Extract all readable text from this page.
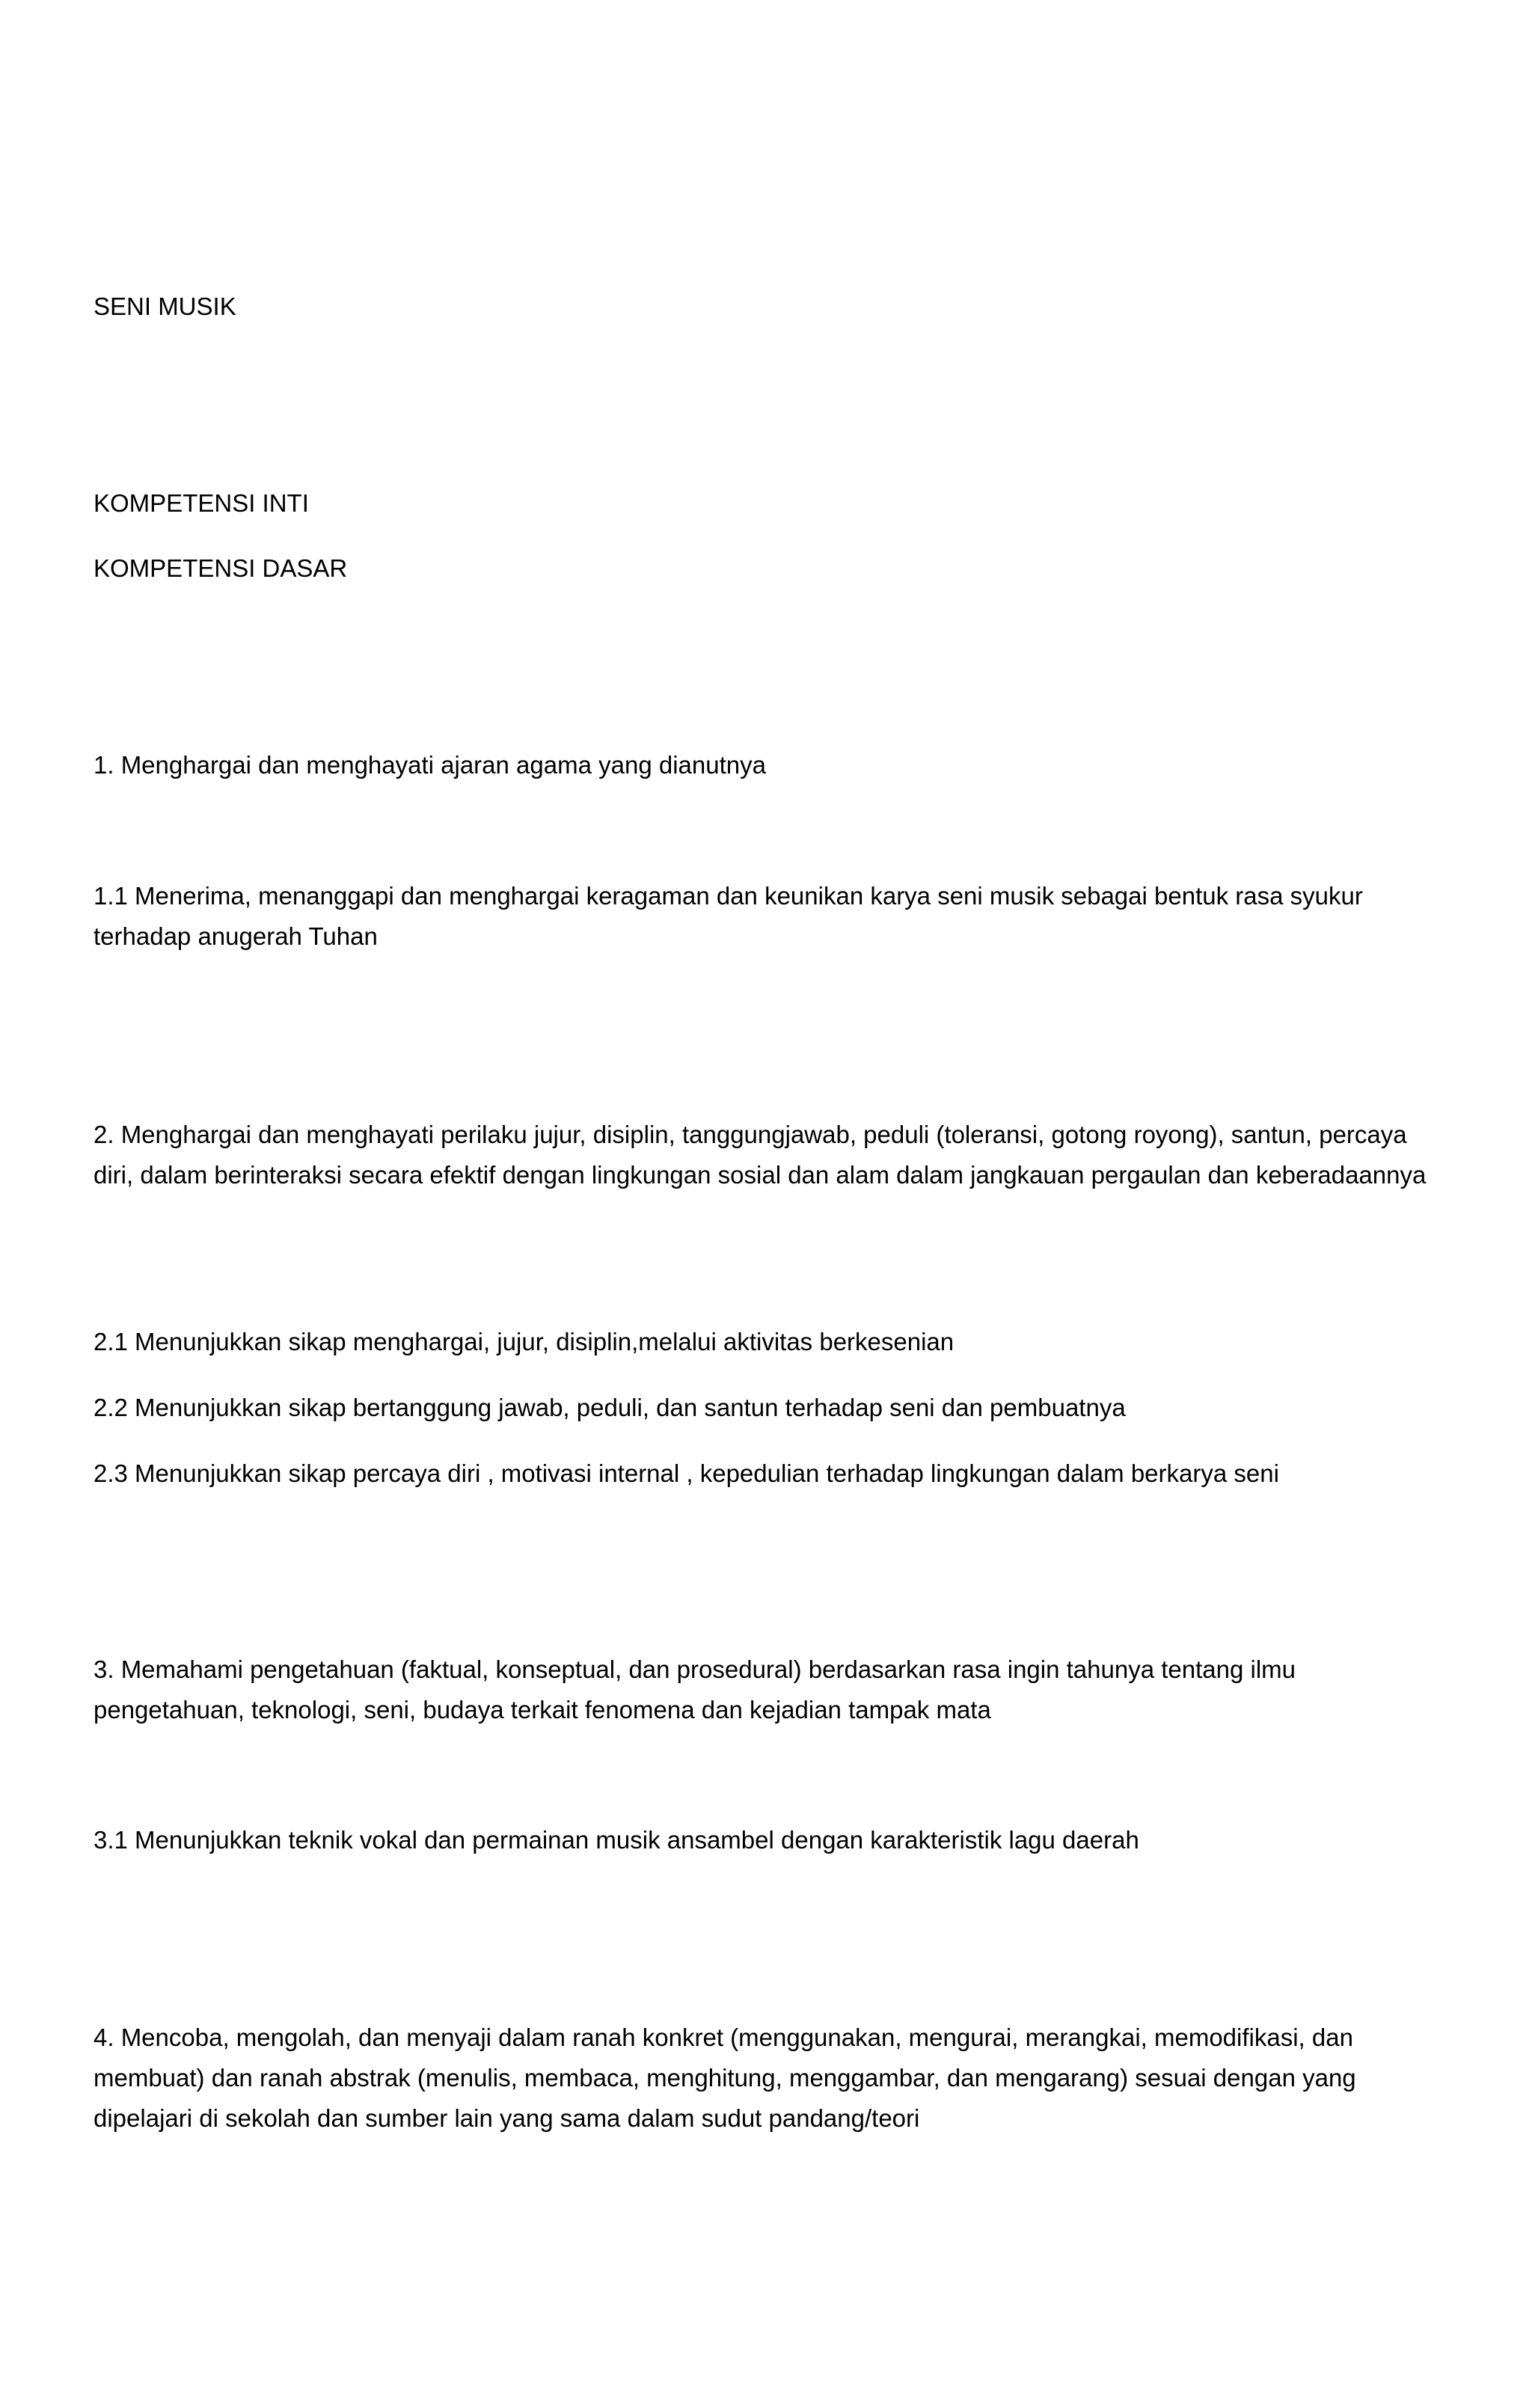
SENI MUSIK

KOMPETENSI INTI

KOMPETENSI DASAR

1. Menghargai dan menghayati ajaran agama yang dianutnya

1.1 Menerima, menanggapi dan menghargai keragaman dan keunikan karya seni musik sebagai bentuk rasa syukur terhadap anugerah Tuhan

2. Menghargai dan menghayati perilaku jujur, disiplin, tanggungjawab, peduli (toleransi, gotong royong), santun, percaya diri, dalam berinteraksi secara efektif dengan lingkungan sosial dan alam dalam jangkauan pergaulan dan keberadaannya

2.1 Menunjukkan sikap menghargai, jujur, disiplin,melalui aktivitas berkesenian

2.2 Menunjukkan sikap bertanggung jawab, peduli, dan santun terhadap seni dan pembuatnya

2.3 Menunjukkan sikap percaya diri , motivasi internal , kepedulian terhadap lingkungan dalam berkarya seni

3. Memahami pengetahuan (faktual, konseptual, dan prosedural) berdasarkan rasa ingin tahunya tentang ilmu pengetahuan, teknologi, seni, budaya terkait fenomena dan kejadian tampak mata

3.1 Menunjukkan teknik vokal dan permainan musik ansambel dengan karakteristik lagu daerah

4. Mencoba, mengolah, dan menyaji dalam ranah konkret (menggunakan, mengurai, merangkai, memodifikasi, dan membuat) dan ranah abstrak (menulis, membaca, menghitung, menggambar, dan mengarang) sesuai dengan yang dipelajari di sekolah dan sumber lain yang sama dalam sudut pandang/teori
